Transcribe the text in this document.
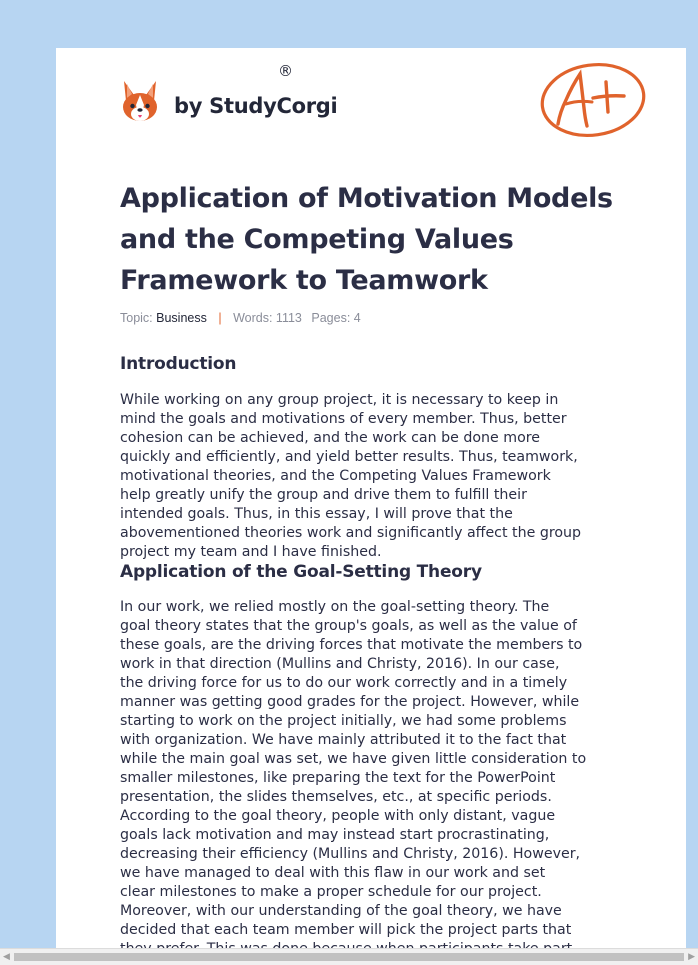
by StudyCorgi
®
Application of Motivation Models
and the Competing Values
Framework to Teamwork
Topic: Business | Words: 1113 Pages: 4
Introduction
While working on any group project, it is necessary to keep in
mind the goals and motivations of every member. Thus, better
cohesion can be achieved, and the work can be done more
quickly and efficiently, and yield better results. Thus, teamwork,
motivational theories, and the Competing Values Framework
help greatly unify the group and drive them to fulfill their
intended goals. Thus, in this essay, I will prove that the
abovementioned theories work and significantly affect the group
project my team and I have finished.
Application of the Goal-Setting Theory
In our work, we relied mostly on the goal-setting theory. The
goal theory states that the group's goals, as well as the value of
these goals, are the driving forces that motivate the members to
work in that direction (Mullins and Christy, 2016). In our case,
the driving force for us to do our work correctly and in a timely
manner was getting good grades for the project. However, while
starting to work on the project initially, we had some problems
with organization. We have mainly attributed it to the fact that
while the main goal was set, we have given little consideration to
smaller milestones, like preparing the text for the PowerPoint
presentation, the slides themselves, etc., at specific periods.
According to the goal theory, people with only distant, vague
goals lack motivation and may instead start procrastinating,
decreasing their efficiency (Mullins and Christy, 2016). However,
we have managed to deal with this flaw in our work and set
clear milestones to make a proper schedule for our project.
Moreover, with our understanding of the goal theory, we have
decided that each team member will pick the project parts that
◀	▶
